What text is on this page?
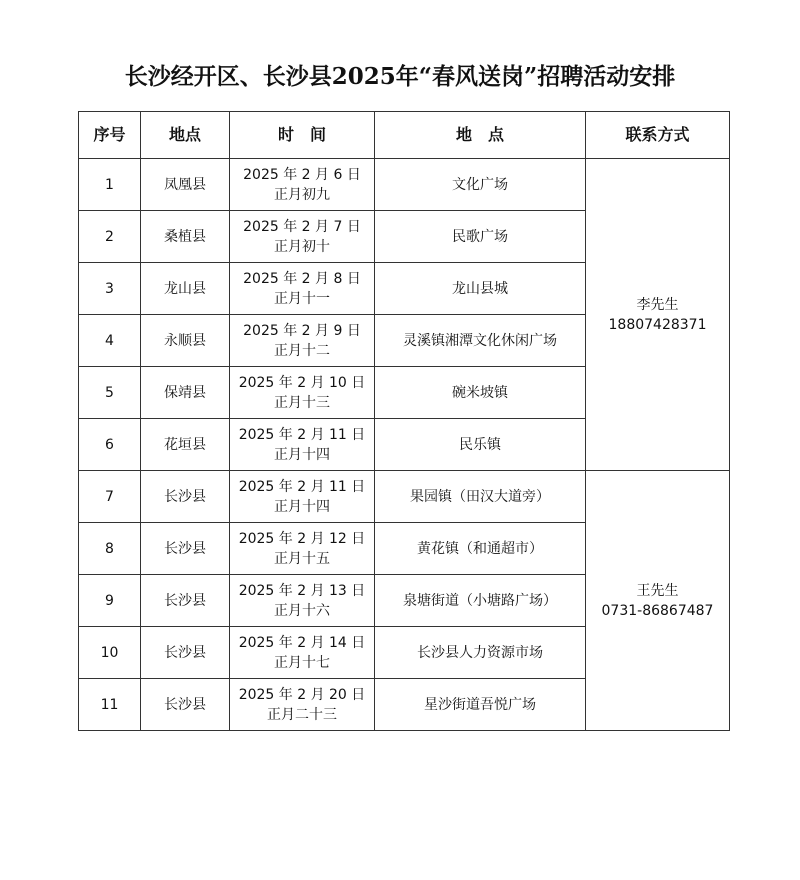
长沙经开区、长沙县2025年“春风送岗”招聘活动安排
序号	地点	时　间	地　点	联系方式
1	凤凰县	2025 年 2 月 6 日
正月初九	文化广场	李先生
18807428371

2	桑植县	2025 年 2 月 7 日
正月初十	民歌广场	
3	龙山县	2025 年 2 月 8 日
正月十一	龙山县城	
4	永顺县	2025 年 2 月 9 日
正月十二	灵溪镇湘潭文化休闲广场	
5	保靖县	2025 年 2 月 10 日
正月十三	碗米坡镇	
6	花垣县	2025 年 2 月 11 日
正月十四	民乐镇	
7	长沙县	2025 年 2 月 11 日
正月十四	果园镇（田汉大道旁）	王先生
0731-86867487

8	长沙县	2025 年 2 月 12 日
正月十五	黄花镇（和通超市）	
9	长沙县	2025 年 2 月 13 日
正月十六	泉塘街道（小塘路广场）	
10	长沙县	2025 年 2 月 14 日
正月十七	长沙县人力资源市场	
11	长沙县	2025 年 2 月 20 日
正月二十三	星沙街道吾悦广场	
